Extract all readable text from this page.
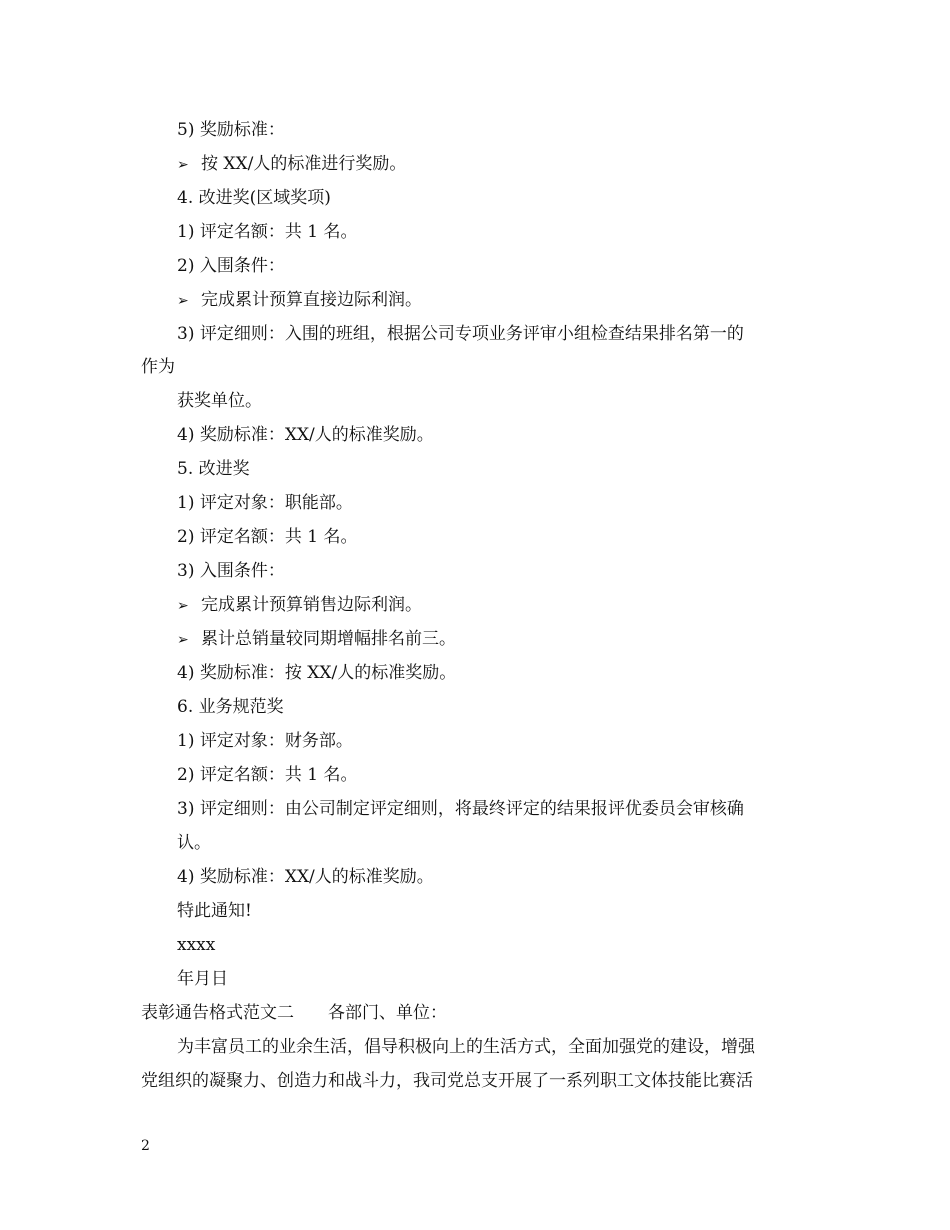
5) 奖励标准：
➢ 按 XX/人的标准进行奖励。
4. 改进奖(区域奖项)
1) 评定名额：共 1 名。
2) 入围条件：
➢ 完成累计预算直接边际利润。
3) 评定细则：入围的班组，根据公司专项业务评审小组检查结果排名第一的
作为
获奖单位。
4) 奖励标准：XX/人的标准奖励。
5. 改进奖
1) 评定对象：职能部。
2) 评定名额：共 1 名。
3) 入围条件：
➢ 完成累计预算销售边际利润。
➢ 累计总销量较同期增幅排名前三。
4) 奖励标准：按 XX/人的标准奖励。
6. 业务规范奖
1) 评定对象：财务部。
2) 评定名额：共 1 名。
3) 评定细则：由公司制定评定细则，将最终评定的结果报评优委员会审核确
认。
4) 奖励标准：XX/人的标准奖励。
特此通知!
xxxx
年月日
表彰通告格式范文二　　各部门、单位：
为丰富员工的业余生活，倡导积极向上的生活方式，全面加强党的建设，增强
党组织的凝聚力、创造力和战斗力，我司党总支开展了一系列职工文体技能比赛活
2
